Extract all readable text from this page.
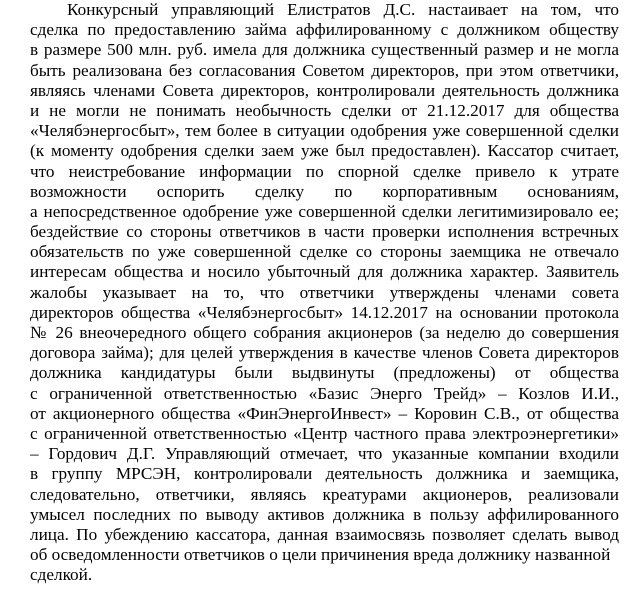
Конкурсный управляющий Елистратов Д.С. настаивает на том, что
сделка по предоставлению займа аффилированному с должником обществу
в размере 500 млн. руб. имела для должника существенный размер и не могла
быть реализована без согласования Советом директоров, при этом ответчики,
являясь членами Совета директоров, контролировали деятельность должника
и не могли не понимать необычность сделки от 21.12.2017 для общества
«Челябэнергосбыт», тем более в ситуации одобрения уже совершенной сделки
(к моменту одобрения сделки заем уже был предоставлен). Кассатор считает,
что неистребование информации по спорной сделке привело к утрате
возможности оспорить сделку по корпоративным основаниям,
а непосредственное одобрение уже совершенной сделки легитимизировало ее;
бездействие со стороны ответчиков в части проверки исполнения встречных
обязательств по уже совершенной сделке со стороны заемщика не отвечало
интересам общества и носило убыточный для должника характер. Заявитель
жалобы указывает на то, что ответчики утверждены членами совета
директоров общества «Челябэнергосбыт» 14.12.2017 на основании протокола
№ 26 внеочередного общего собрания акционеров (за неделю до совершения
договора займа); для целей утверждения в качестве членов Совета директоров
должника кандидатуры были выдвинуты (предложены) от общества
с ограниченной ответственностью «Базис Энерго Трейд» – Козлов И.И.,
от акционерного общества «ФинЭнергоИнвест» – Коровин С.В., от общества
с ограниченной ответственностью «Центр частного права электроэнергетики»
– Гордович Д.Г. Управляющий отмечает, что указанные компании входили
в группу МРСЭН, контролировали деятельность должника и заемщика,
следовательно, ответчики, являясь креатурами акционеров, реализовали
умысел последних по выводу активов должника в пользу аффилированного
лица. По убеждению кассатора, данная взаимосвязь позволяет сделать вывод
об осведомленности ответчиков о цели причинения вреда должнику названной
сделкой.
